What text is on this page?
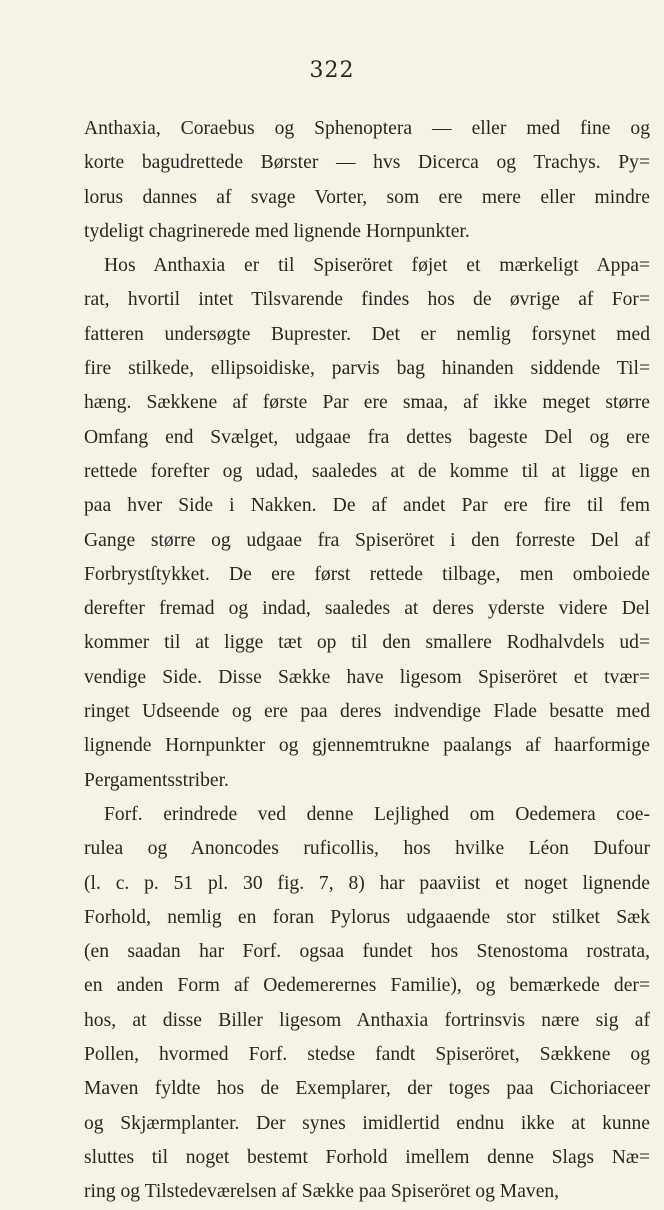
322
Anthaxia, Coraebus og Sphenoptera — eller med fine og
korte bagudrettede Børster — hvs Dicerca og Trachys. Py=
lorus dannes af svage Vorter, som ere mere eller mindre
tydeligt chagrinerede med lignende Hornpunkter.
Hos Anthaxia er til Spiseröret føjet et mærkeligt Appa=
rat, hvortil intet Tilsvarende findes hos de øvrige af For=
fatteren undersøgte Buprester. Det er nemlig forsynet med
fire stilkede, ellipsoidiske, parvis bag hinanden siddende Til=
hæng. Sækkene af første Par ere smaa, af ikke meget større
Omfang end Svælget, udgaae fra dettes bageste Del og ere
rettede forefter og udad, saaledes at de komme til at ligge en
paa hver Side i Nakken. De af andet Par ere fire til fem
Gange større og udgaae fra Spiseröret i den forreste Del af
Forbrystſtykket. De ere først rettede tilbage, men omboiede
derefter fremad og indad, saaledes at deres yderste videre Del
kommer til at ligge tæt op til den smallere Rodhalvdels ud=
vendige Side. Disse Sække have ligesom Spiseröret et tvær=
ringet Udseende og ere paa deres indvendige Flade besatte med
lignende Hornpunkter og gjennemtrukne paalangs af haarformige
Pergamentsstriber.
Forf. erindrede ved denne Lejlighed om Oedemera coe-
rulea og Anoncodes ruficollis, hos hvilke Léon Dufour
(l. c. p. 51 pl. 30 fig. 7, 8) har paaviist et noget lignende
Forhold, nemlig en foran Pylorus udgaaende stor stilket Sæk
(en saadan har Forf. ogsaa fundet hos Stenostoma rostrata,
en anden Form af Oedemerernes Familie), og bemærkede der=
hos, at disse Biller ligesom Anthaxia fortrinsvis nære sig af
Pollen, hvormed Forf. stedse fandt Spiseröret, Sækkene og
Maven fyldte hos de Exemplarer, der toges paa Cichoriaceer
og Skjærmplanter. Der synes imidlertid endnu ikke at kunne
sluttes til noget bestemt Forhold imellem denne Slags Næ=
ring og Tilstedeværelsen af Sække paa Spiseröret og Maven,
